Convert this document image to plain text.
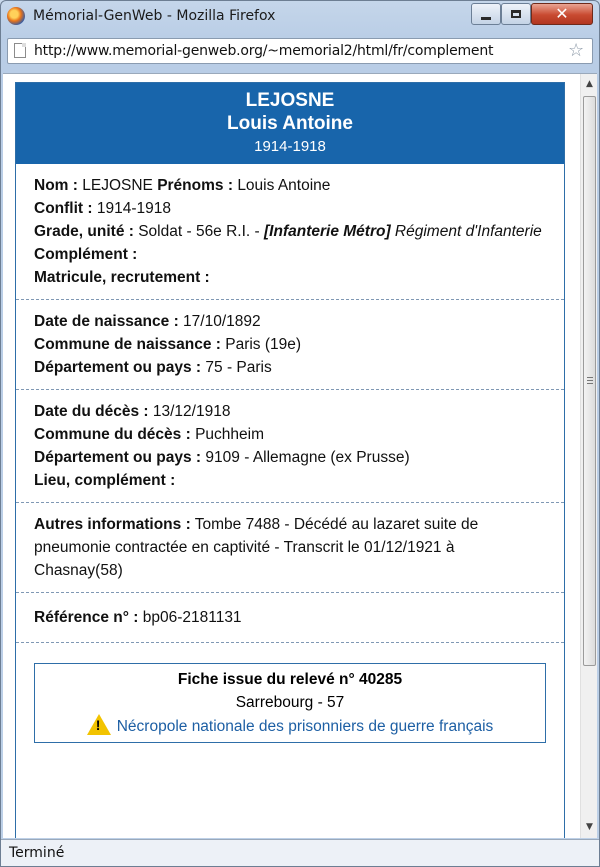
Mémorial-GenWeb - Mozilla Firefox	✕
http://www.memorial-genweb.org/~memorial2/html/fr/complement	☆
LEJOSNE
Louis Antoine
1914-1918
Nom : LEJOSNE Prénoms : Louis Antoine
Conflit : 1914-1918
Grade, unité : Soldat - 56e R.I. - [Infanterie Métro] Régiment d'Infanterie
Complément :
Matricule, recrutement :
Date de naissance : 17/10/1892
Commune de naissance : Paris (19e)
Département ou pays : 75 - Paris
Date du décès : 13/12/1918
Commune du décès : Puchheim
Département ou pays : 9109 - Allemagne (ex Prusse)
Lieu, complément :
Autres informations : Tombe 7488 - Décédé au lazaret suite de pneumonie contractée en captivité - Transcrit le 01/12/1921 à Chasnay(58)
Référence n° : bp06-2181131
Fiche issue du relevé n° 40285
Sarrebourg - 57
! Nécropole nationale des prisonniers de guerre français
▲
▼
Terminé
